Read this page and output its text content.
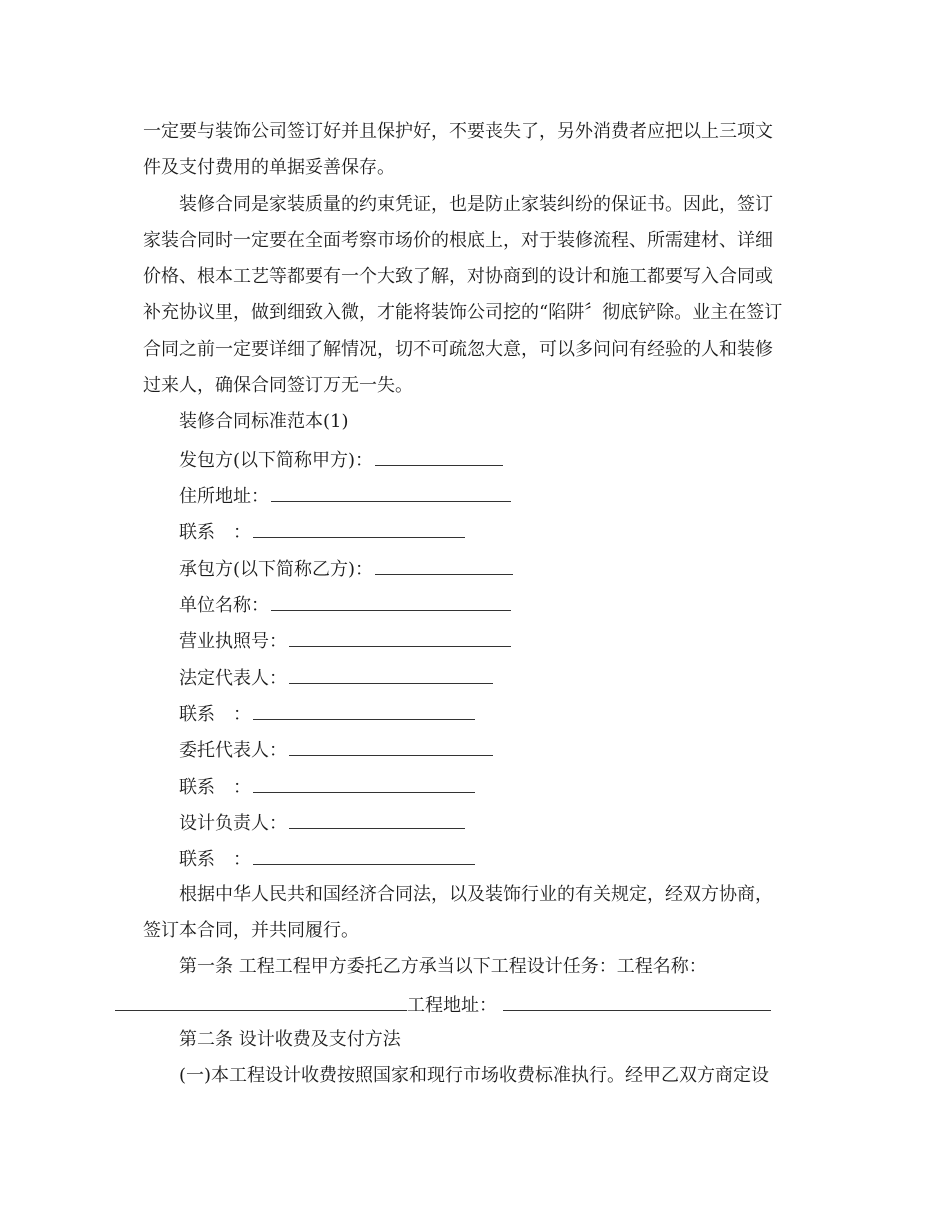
一定要与装饰公司签订好并且保护好，不要丧失了，另外消费者应把以上三项文
件及支付费用的单据妥善保存。
装修合同是家装质量的约束凭证，也是防止家装纠纷的保证书。因此，签订
家装合同时一定要在全面考察市场价的根底上，对于装修流程、所需建材、详细
价格、根本工艺等都要有一个大致了解，对协商到的设计和施工都要写入合同或
补充协议里，做到细致入微，才能将装饰公司挖的“陷阱〞彻底铲除。业主在签订
合同之前一定要详细了解情况，切不可疏忽大意，可以多问问有经验的人和装修
过来人，确保合同签订万无一失。
装修合同标准范本(1)
发包方(以下简称甲方)：
住所地址：
联系　：
承包方(以下简称乙方)：
单位名称：
营业执照号：
法定代表人：
联系　：
委托代表人：
联系　：
设计负责人：
联系　：
根据中华人民共和国经济合同法，以及装饰行业的有关规定，经双方协商，
签订本合同，并共同履行。
第一条 工程工程甲方委托乙方承当以下工程设计任务：工程名称：
工程地址：
第二条 设计收费及支付方法
(一)本工程设计收费按照国家和现行市场收费标准执行。经甲乙双方商定设
